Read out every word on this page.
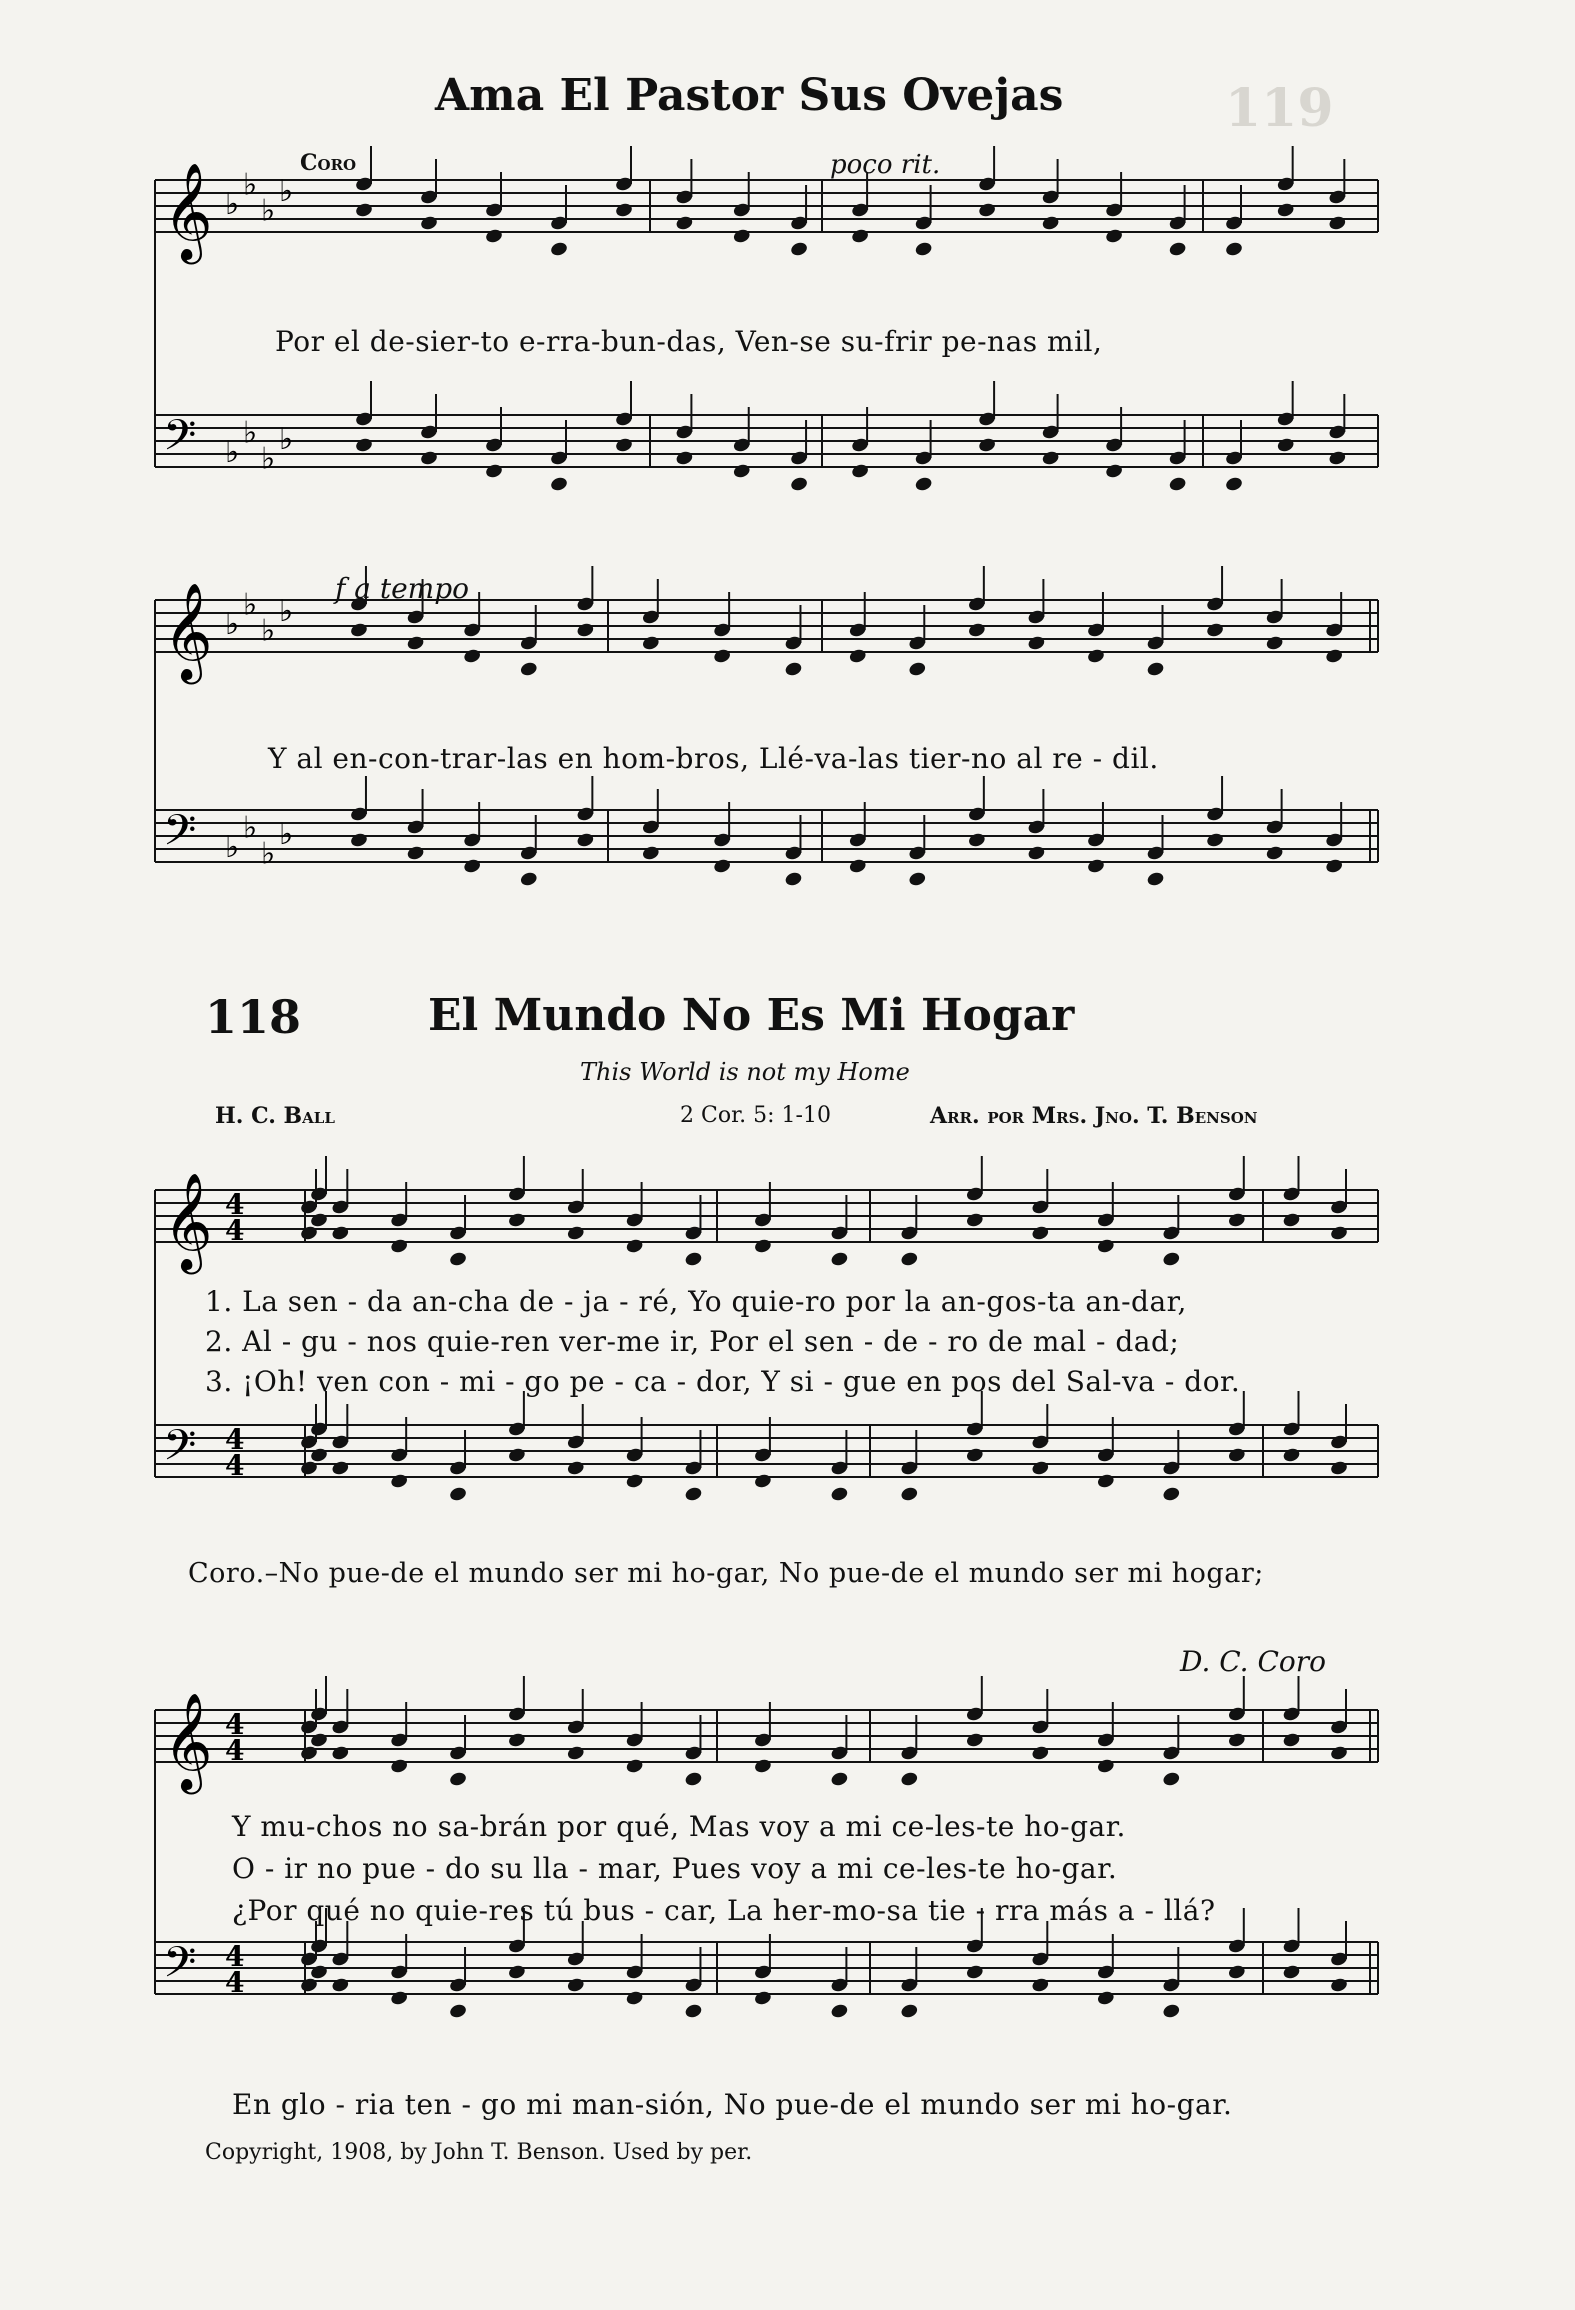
119
Ama El Pastor Sus Ovejas
Coro	poco rit.
𝄞 ♭
♭
♭
♭
𝄢 ♭
♭
♭
♭
𝄞 ♭
♭
♭
♭
𝄢 ♭
♭
♭
♭
𝄞 4
4
𝄢 4
4
𝄞 4
4
𝄢 4
4
Por el de-sier-to e-rra-bun-das, Ven-se su-frir pe-nas mil,
f a tempo
Y al en-con-trar-las en hom-bros, Llé-va-las tier-no al re - dil.
118	El Mundo No Es Mi Hogar
This World is not my Home
H. C. Ball	2 Cor. 5: 1-10	Arr. por Mrs. Jno. T. Benson
1. La sen - da an-cha de - ja - ré, Yo quie-ro por la an-gos-ta an-dar,
2. Al - gu - nos quie-ren ver-me ir, Por el sen - de - ro de mal - dad;
3. ¡Oh! ven con - mi - go pe - ca - dor, Y si - gue en pos del Sal-va - dor.
Coro.–No pue-de el mundo ser mi ho-gar, No pue-de el mundo ser mi hogar;
D. C. Coro
Y mu-chos no sa-brán por qué, Mas voy a mi ce-les-te ho-gar.
O - ir no pue - do su lla - mar, Pues voy a mi ce-les-te ho-gar.
¿Por qué no quie-res tú bus - car, La her-mo-sa tie - rra más a - llá?
En glo - ria ten - go mi man-sión, No pue-de el mundo ser mi ho-gar.
Copyright, 1908, by John T. Benson. Used by per.
